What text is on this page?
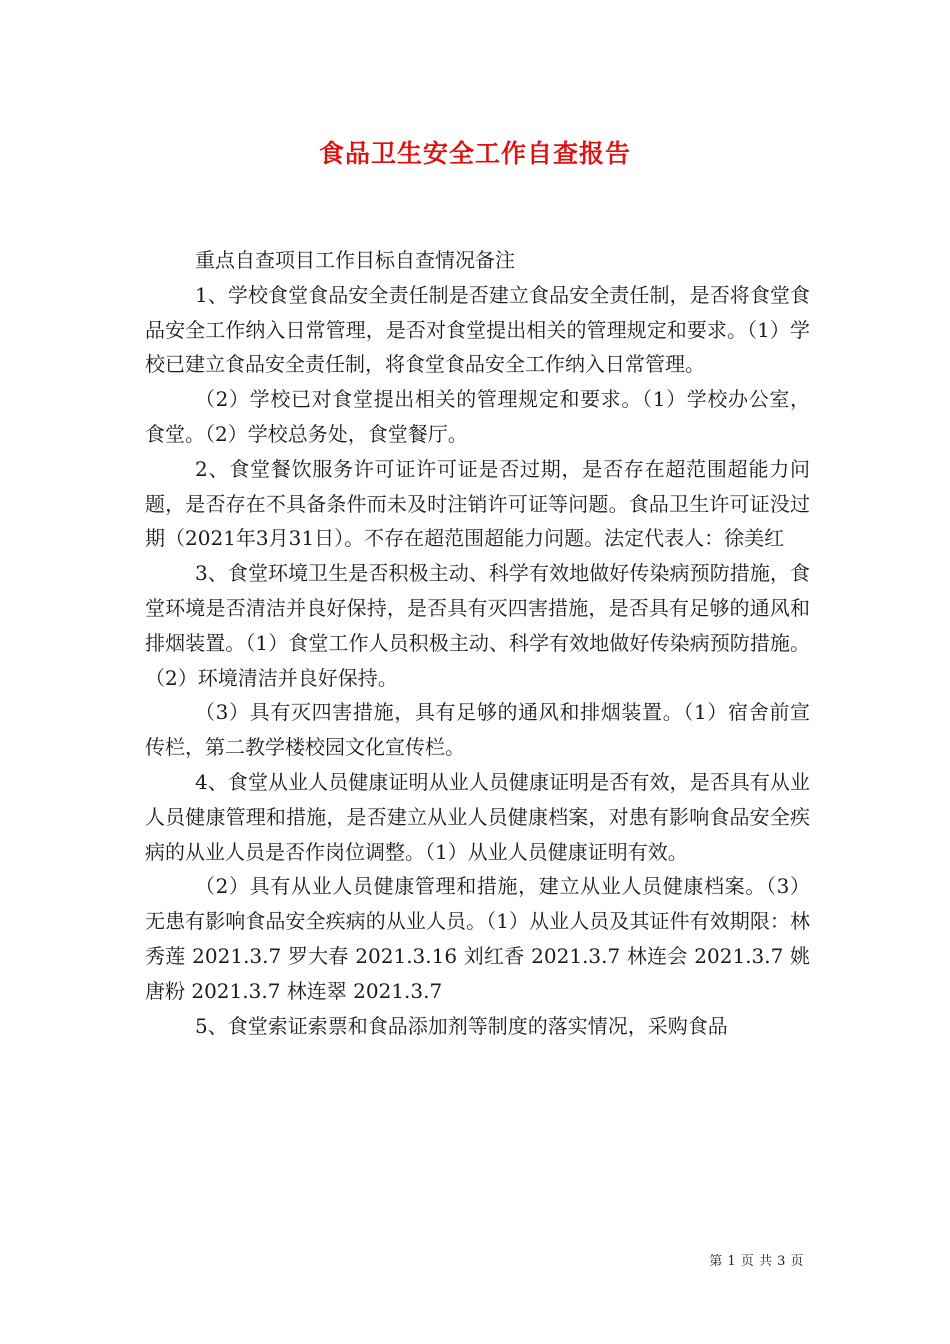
食品卫生安全工作自查报告

重点自查项目工作目标自查情况备注

1、学校食堂食品安全责任制是否建立食品安全责任制，是否将食堂食品安全工作纳入日常管理，是否对食堂提出相关的管理规定和要求。（1）学校已建立食品安全责任制，将食堂食品安全工作纳入日常管理。

（2）学校已对食堂提出相关的管理规定和要求。（1）学校办公室，食堂。（2）学校总务处，食堂餐厅。

2、食堂餐饮服务许可证许可证是否过期，是否存在超范围超能力问题，是否存在不具备条件而未及时注销许可证等问题。食品卫生许可证没过期（2021年3月31日）。不存在超范围超能力问题。法定代表人：徐美红

3、食堂环境卫生是否积极主动、科学有效地做好传染病预防措施，食堂环境是否清洁并良好保持，是否具有灭四害措施，是否具有足够的通风和排烟装置。（1）食堂工作人员积极主动、科学有效地做好传染病预防措施。（2）环境清洁并良好保持。

（3）具有灭四害措施，具有足够的通风和排烟装置。（1）宿舍前宣传栏，第二教学楼校园文化宣传栏。

4、食堂从业人员健康证明从业人员健康证明是否有效，是否具有从业人员健康管理和措施，是否建立从业人员健康档案，对患有影响食品安全疾病的从业人员是否作岗位调整。（1）从业人员健康证明有效。

（2）具有从业人员健康管理和措施，建立从业人员健康档案。（3）无患有影响食品安全疾病的从业人员。（1）从业人员及其证件有效期限：林秀莲 2021.3.7 罗大春 2021.3.16 刘红香 2021.3.7 林连会 2021.3.7 姚唐粉 2021.3.7 林连翠 2021.3.7

5、食堂索证索票和食品添加剂等制度的落实情况，采购食品

第 1 页 共 3 页
